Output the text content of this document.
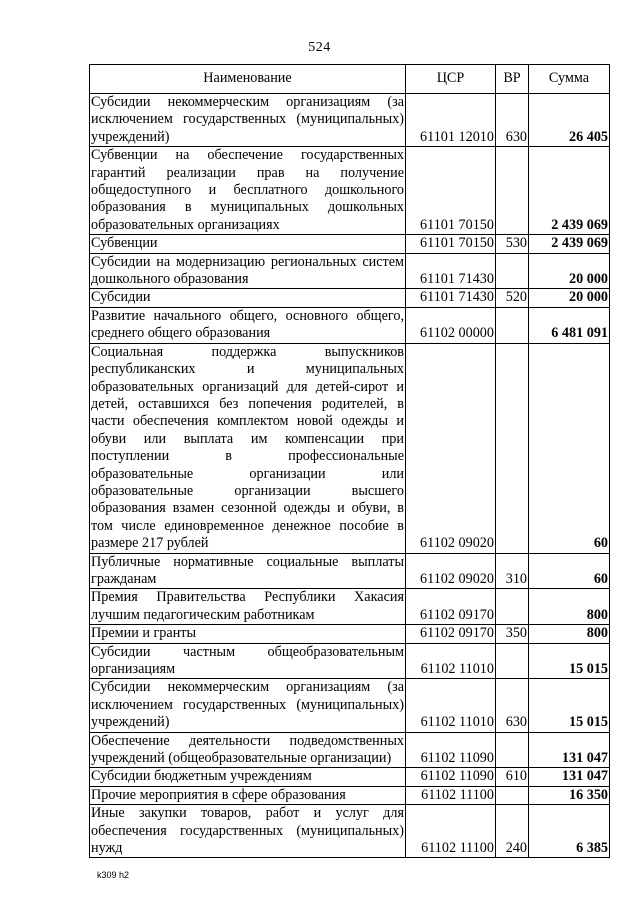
524
Наименование	ЦСР	ВР	Сумма
Субсидии некоммерческим организациям (за исключением государственных (муниципальных) учреждений)	61101 12010	630	26 405
Субвенции на обеспечение государственных гарантий реализации прав на получение общедоступного и бесплатного дошкольного образования в муниципальных дошкольных образовательных организациях	61101 70150		2 439 069
Субвенции	61101 70150	530	2 439 069
Субсидии на модернизацию региональных систем дошкольного образования	61101 71430		20 000
Субсидии	61101 71430	520	20 000
Развитие начального общего, основного общего, среднего общего образования	61102 00000		6 481 091
Социальная поддержка выпускников республиканских и муниципальных образовательных организаций для детей-сирот и детей, оставшихся без попечения родителей, в части обеспечения комплектом новой одежды и обуви или выплата им компенсации при поступлении в профессиональные образовательные организации или образовательные организации высшего образования взамен сезонной одежды и обуви, в том числе единовременное денежное пособие в размере 217 рублей	61102 09020		60
Публичные нормативные социальные выплаты гражданам	61102 09020	310	60
Премия Правительства Республики Хакасия лучшим педагогическим работникам	61102 09170		800
Премии и гранты	61102 09170	350	800
Субсидии частным общеобразовательным организациям	61102 11010		15 015
Субсидии некоммерческим организациям (за исключением государственных (муниципальных) учреждений)	61102 11010	630	15 015
Обеспечение деятельности подведомственных учреждений (общеобразовательные организации)	61102 11090		131 047
Субсидии бюджетным учреждениям	61102 11090	610	131 047
Прочие мероприятия в сфере образования	61102 11100		16 350
Иные закупки товаров, работ и услуг для обеспечения государственных (муниципальных) нужд	61102 11100	240	6 385
k309 h2
